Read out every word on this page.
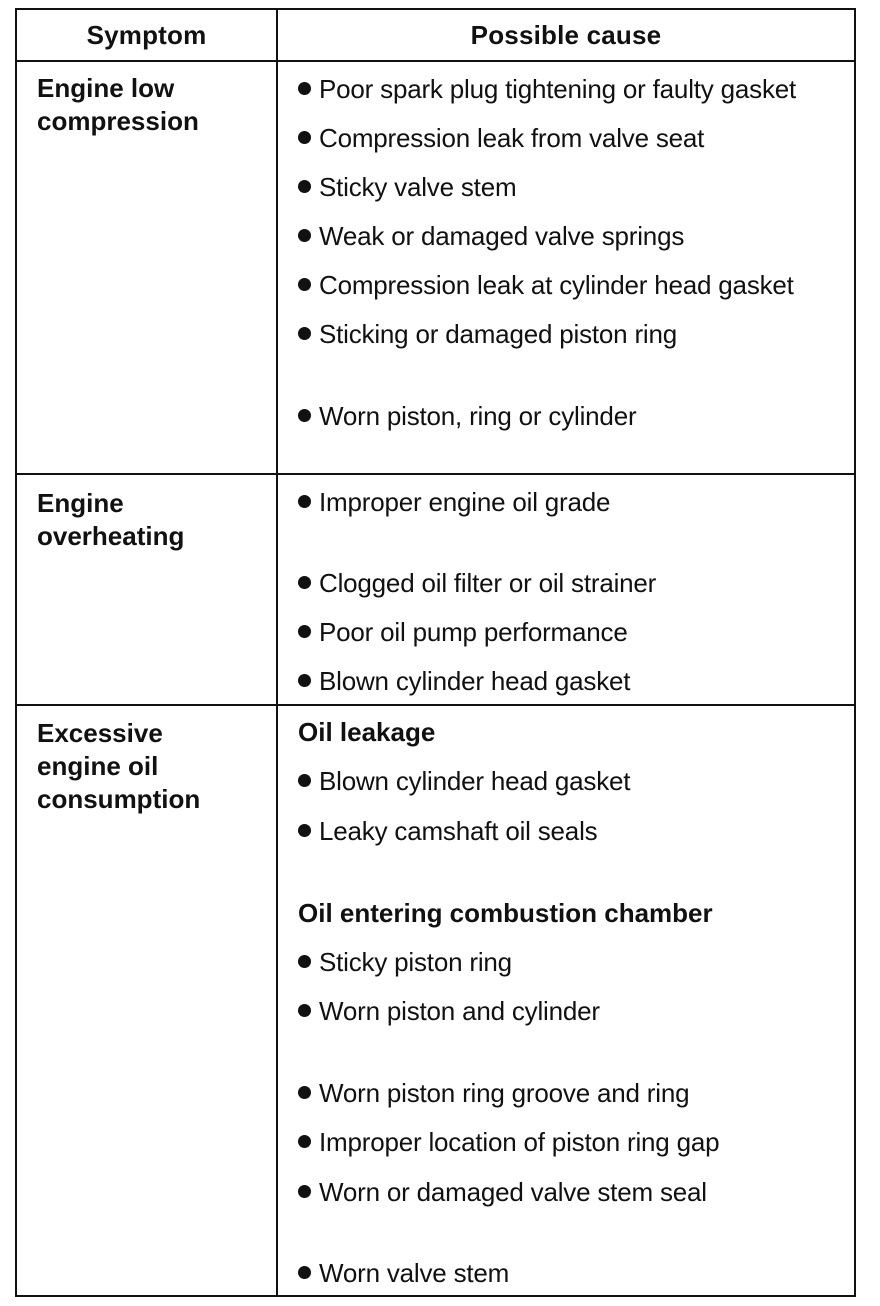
Symptom	Possible cause
Engine low
compression
Poor spark plug tightening or faulty gasket
Compression leak from valve seat
Sticky valve stem
Weak or damaged valve springs
Compression leak at cylinder head gasket
Sticking or damaged piston ring
Worn piston, ring or cylinder
Engine
overheating
Improper engine oil grade
Clogged oil filter or oil strainer
Poor oil pump performance
Blown cylinder head gasket
Excessive
engine oil
consumption
Oil leakage
Blown cylinder head gasket
Leaky camshaft oil seals
Oil entering combustion chamber
Sticky piston ring
Worn piston and cylinder
Worn piston ring groove and ring
Improper location of piston ring gap
Worn or damaged valve stem seal
Worn valve stem
